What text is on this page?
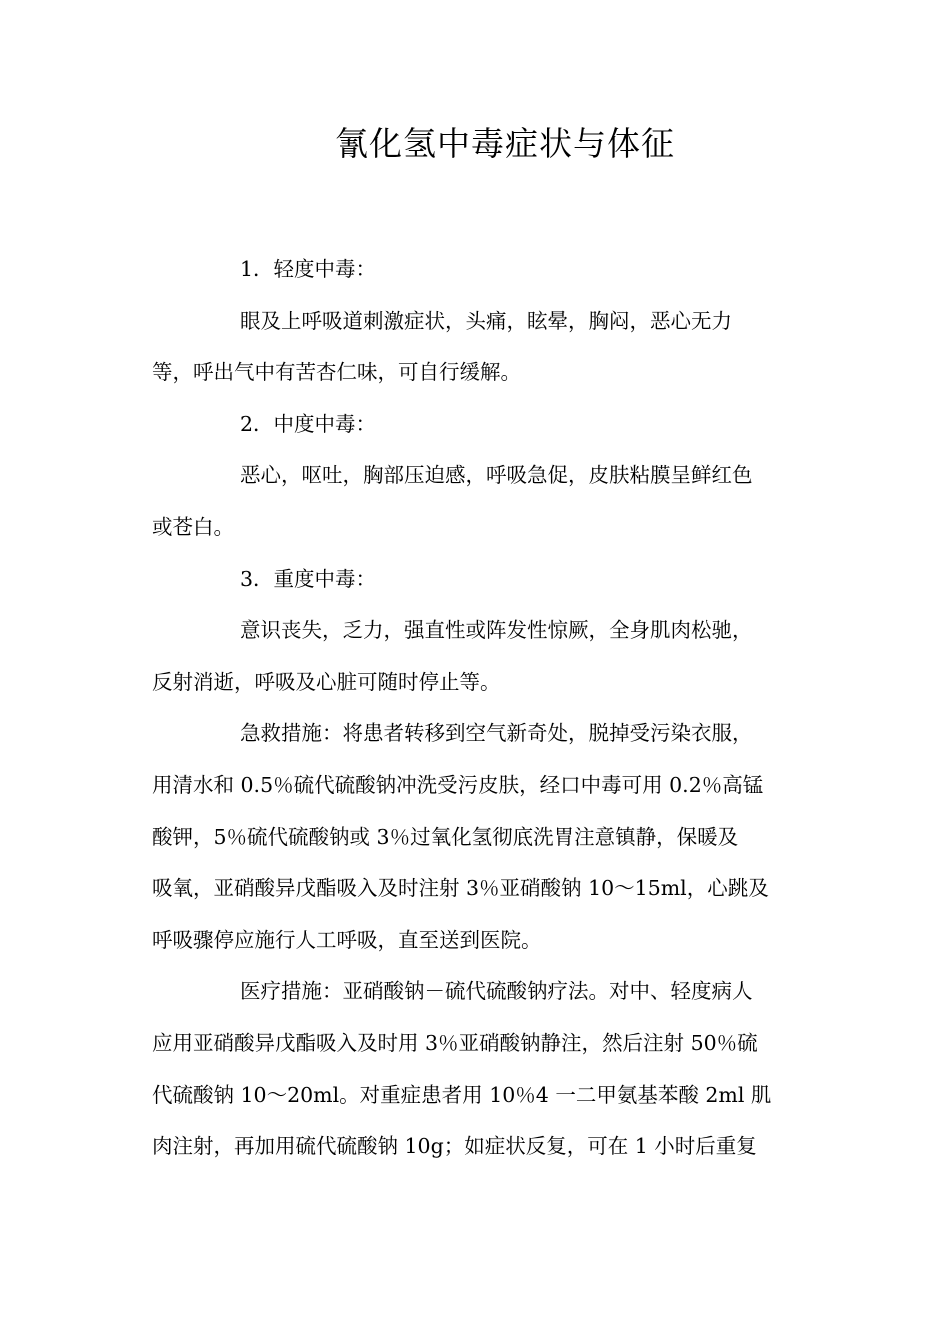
氰化氢中毒症状与体征

1．轻度中毒：

眼及上呼吸道刺激症状，头痛，眩晕，胸闷，恶心无力
等，呼出气中有苦杏仁味，可自行缓解。

2．中度中毒：

恶心，呕吐，胸部压迫感，呼吸急促，皮肤粘膜呈鲜红色
或苍白。

3．重度中毒：

意识丧失，乏力，强直性或阵发性惊厥，全身肌肉松驰，
反射消逝，呼吸及心脏可随时停止等。

急救措施：将患者转移到空气新奇处，脱掉受污染衣服，
用清水和 0.5％硫代硫酸钠冲洗受污皮肤，经口中毒可用 0.2％高锰
酸钾，5％硫代硫酸钠或 3％过氧化氢彻底洗胃注意镇静，保暖及
吸氧，亚硝酸异戊酯吸入及时注射 3％亚硝酸钠 10～15ml，心跳及
呼吸骤停应施行人工呼吸，直至送到医院。

医疗措施：亚硝酸钠－硫代硫酸钠疗法。对中、轻度病人
应用亚硝酸异戊酯吸入及时用 3％亚硝酸钠静注，然后注射 50％硫
代硫酸钠 10～20ml。对重症患者用 10％4 一二甲氨基苯酸 2ml 肌
肉注射，再加用硫代硫酸钠 10g；如症状反复，可在 1 小时后重复
